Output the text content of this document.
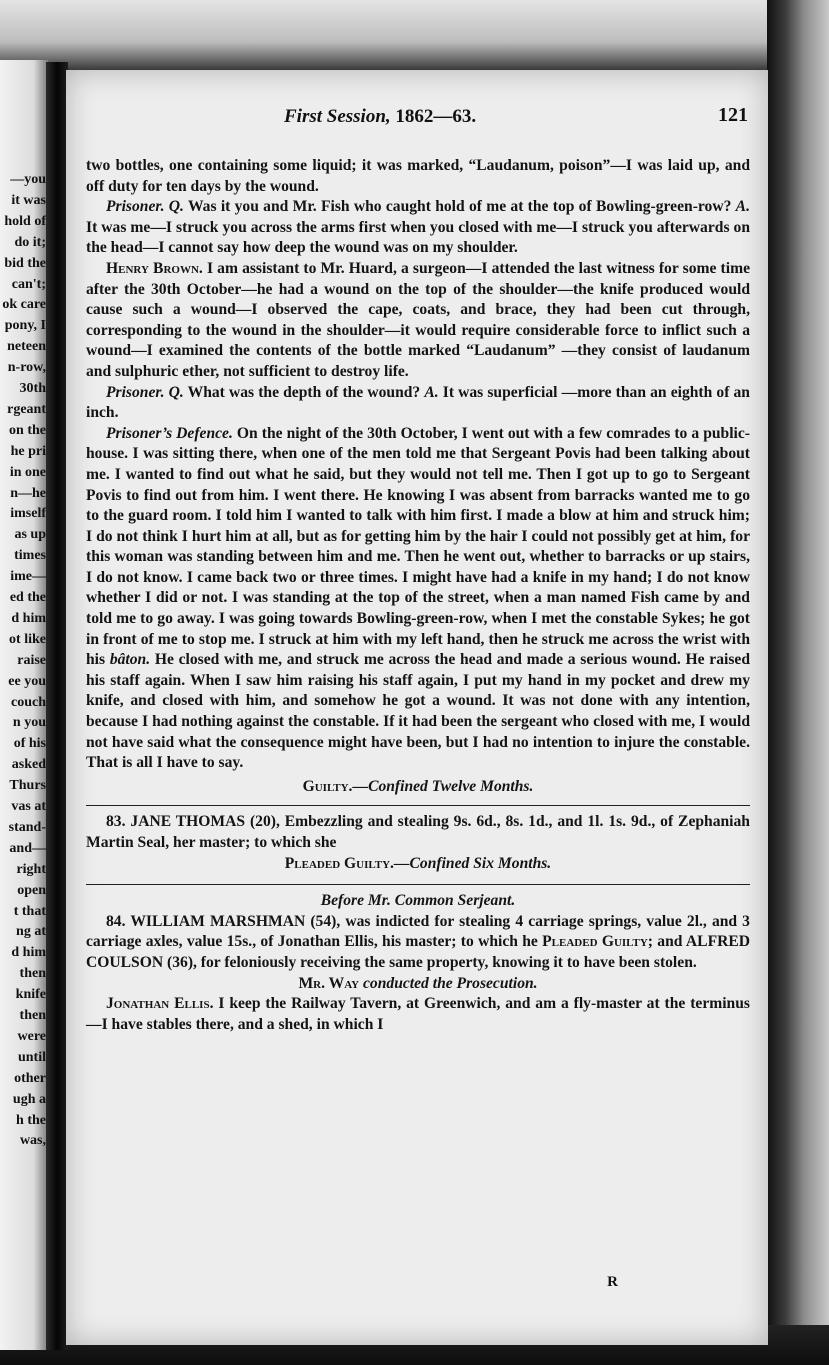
—you
it was
hold of
do it;
bid the
can't;
ok care
pony, I
neteen
n-row,
30th
rgeant
on the
he pri
in one
n—he
imself
as up
times
ime—
ed the
d him
ot like
raise
ee you
couch
n you
of his
asked
Thurs
vas at
stand-
and—
right
open
t that
ng at
d him
then
knife
then
were
until
other
ugh a
h the
was,
First Session, 1862—63.	121

two bottles, one containing some liquid; it was marked, “Laudanum, poison”—I was laid up, and off duty for ten days by the wound.

Prisoner. Q. Was it you and Mr. Fish who caught hold of me at the top of Bowling-green-row? A. It was me—I struck you across the arms first when you closed with me—I struck you afterwards on the head—I cannot say how deep the wound was on my shoulder.

Henry Brown. I am assistant to Mr. Huard, a surgeon—I attended the last witness for some time after the 30th October—he had a wound on the top of the shoulder—the knife produced would cause such a wound—I observed the cape, coats, and brace, they had been cut through, corresponding to the wound in the shoulder—it would require considerable force to inflict such a wound—I examined the contents of the bottle marked “Laudanum” —they consist of laudanum and sulphuric ether, not sufficient to destroy life.

Prisoner. Q. What was the depth of the wound? A. It was superficial —more than an eighth of an inch.

Prisoner’s Defence. On the night of the 30th October, I went out with a few comrades to a public-house. I was sitting there, when one of the men told me that Sergeant Povis had been talking about me. I wanted to find out what he said, but they would not tell me. Then I got up to go to Sergeant Povis to find out from him. I went there. He knowing I was absent from barracks wanted me to go to the guard room. I told him I wanted to talk with him first. I made a blow at him and struck him; I do not think I hurt him at all, but as for getting him by the hair I could not possibly get at him, for this woman was standing between him and me. Then he went out, whether to barracks or up stairs, I do not know. I came back two or three times. I might have had a knife in my hand; I do not know whether I did or not. I was standing at the top of the street, when a man named Fish came by and told me to go away. I was going towards Bowling-green-row, when I met the constable Sykes; he got in front of me to stop me. I struck at him with my left hand, then he struck me across the wrist with his bâton. He closed with me, and struck me across the head and made a serious wound. He raised his staff again. When I saw him raising his staff again, I put my hand in my pocket and drew my knife, and closed with him, and somehow he got a wound. It was not done with any intention, because I had nothing against the constable. If it had been the sergeant who closed with me, I would not have said what the consequence might have been, but I had no intention to injure the constable. That is all I have to say.

Guilty.—Confined Twelve Months.

83. JANE THOMAS (20), Embezzling and stealing 9s. 6d., 8s. 1d., and 1l. 1s. 9d., of Zephaniah Martin Seal, her master; to which she

Pleaded Guilty.—Confined Six Months.

Before Mr. Common Serjeant.

84. WILLIAM MARSHMAN (54), was indicted for stealing 4 carriage springs, value 2l., and 3 carriage axles, value 15s., of Jonathan Ellis, his master; to which he Pleaded Guilty; and ALFRED COULSON (36), for feloniously receiving the same property, knowing it to have been stolen.

Mr. Way conducted the Prosecution.

Jonathan Ellis. I keep the Railway Tavern, at Greenwich, and am a fly-master at the terminus—I have stables there, and a shed, in which I

R
